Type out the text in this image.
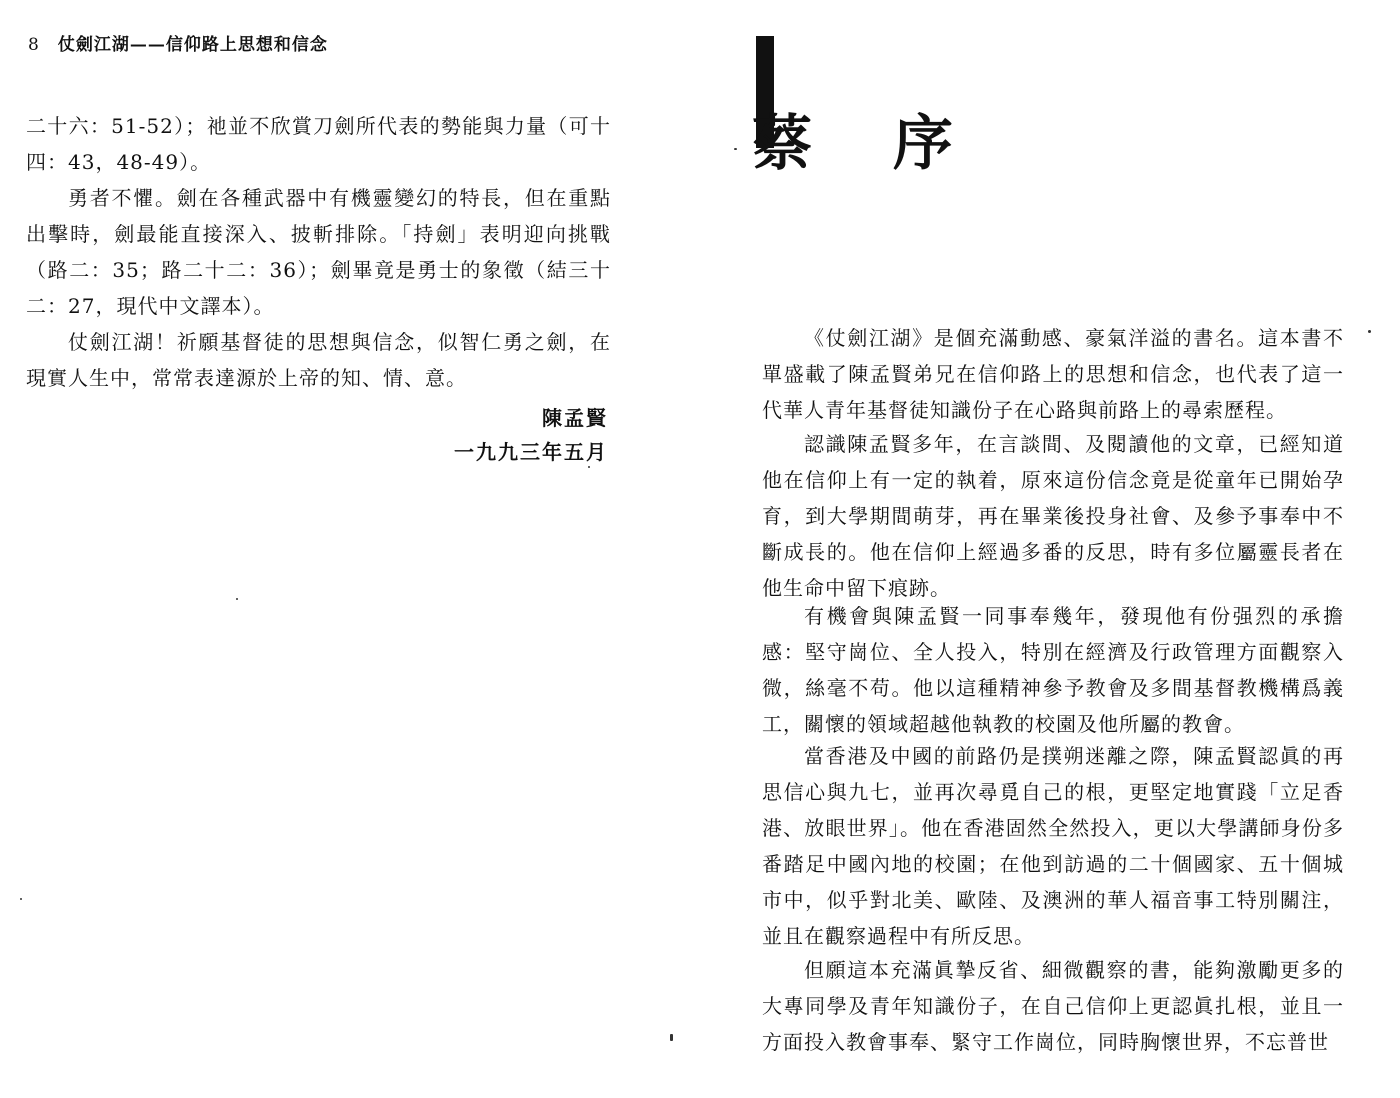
8 仗劍江湖——信仰路上思想和信念

二十六：51-52）；祂並不欣賞刀劍所代表的勢能與力量（可十四：43，48-49）。

勇者不懼。劍在各種武器中有機靈變幻的特長，但在重點出擊時，劍最能直接深入、披斬排除。「持劍」表明迎向挑戰（路二：35；路二十二：36）；劍畢竟是勇士的象徵（結三十二：27，現代中文譯本）。

仗劍江湖！祈願基督徒的思想與信念，似智仁勇之劍，在現實人生中，常常表達源於上帝的知、情、意。

陳孟賢
一九九三年五月
蔡 序

《仗劍江湖》是個充滿動感、豪氣洋溢的書名。這本書不單盛載了陳孟賢弟兄在信仰路上的思想和信念，也代表了這一代華人青年基督徒知識份子在心路與前路上的尋索歷程。

認識陳孟賢多年，在言談間、及閱讀他的文章，已經知道他在信仰上有一定的執着，原來這份信念竟是從童年已開始孕育，到大學期間萌芽，再在畢業後投身社會、及參予事奉中不斷成長的。他在信仰上經過多番的反思，時有多位屬靈長者在他生命中留下痕跡。

有機會與陳孟賢一同事奉幾年，發現他有份强烈的承擔感：堅守崗位、全人投入，特別在經濟及行政管理方面觀察入微，絲毫不苟。他以這種精神參予教會及多間基督教機構爲義工，關懷的領域超越他執教的校園及他所屬的教會。

當香港及中國的前路仍是撲朔迷離之際，陳孟賢認眞的再思信心與九七，並再次尋覓自己的根，更堅定地實踐「立足香港、放眼世界」。他在香港固然全然投入，更以大學講師身份多番踏足中國內地的校園；在他到訪過的二十個國家、五十個城市中，似乎對北美、歐陸、及澳洲的華人福音事工特別關注，並且在觀察過程中有所反思。

但願這本充滿眞摯反省、細微觀察的書，能夠激勵更多的大專同學及青年知識份子，在自己信仰上更認眞扎根，並且一方面投入教會事奉、緊守工作崗位，同時胸懷世界，不忘普世
